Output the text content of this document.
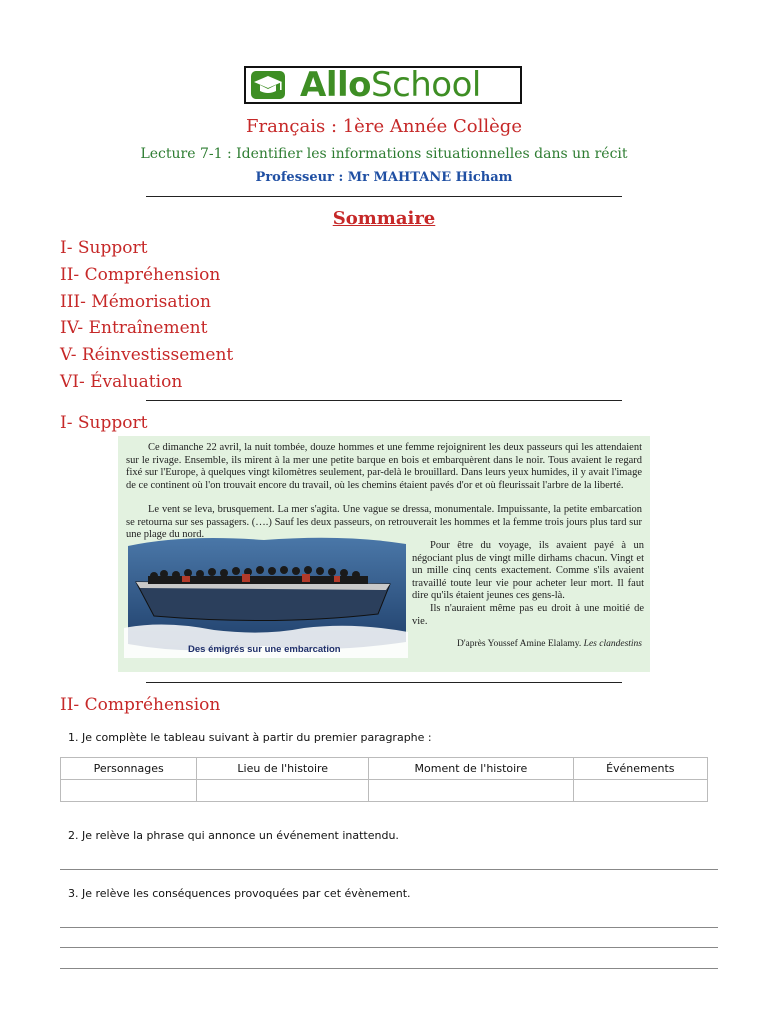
AlloSchool
Français : 1ère Année Collège
Lecture 7-1 : Identifier les informations situationnelles dans un récit
Professeur : Mr MAHTANE Hicham
Sommaire
I- Support
II- Compréhension
III- Mémorisation
IV- Entraînement
V- Réinvestissement
VI- Évaluation
I- Support
Ce dimanche 22 avril, la nuit tombée, douze hommes et une femme rejoignirent les deux passeurs qui les attendaient sur le rivage. Ensemble, ils mirent à la mer une petite barque en bois et embarquèrent dans le noir. Tous avaient le regard fixé sur l'Europe, à quelques vingt kilomètres seulement, par-delà le brouillard. Dans leurs yeux humides, il y avait l'image de ce continent où l'on trouvait encore du travail, où les chemins étaient pavés d'or et où fleurissait l'arbre de la liberté.
Le vent se leva, brusquement. La mer s'agita. Une vague se dressa, monumentale. Impuissante, la petite embarcation se retourna sur ses passagers. (….) Sauf les deux passeurs, on retrouverait les hommes et la femme trois jours plus tard sur une plage du nord.
Pour être du voyage, ils avaient payé à un négociant plus de vingt mille dirhams chacun. Vingt et un mille cinq cents exactement. Comme s'ils avaient travaillé toute leur vie pour acheter leur mort. Il faut dire qu'ils étaient jeunes ces gens-là.
Ils n'auraient même pas eu droit à une moitié de vie.
D'après Youssef Amine Elalamy. Les clandestins
Des émigrés sur une embarcation
II- Compréhension
1. Je complète le tableau suivant à partir du premier paragraphe :
Personnages	Lieu de l'histoire	Moment de l'histoire	Événements

2. Je relève la phrase qui annonce un événement inattendu.
3. Je relève les conséquences provoquées par cet évènement.
